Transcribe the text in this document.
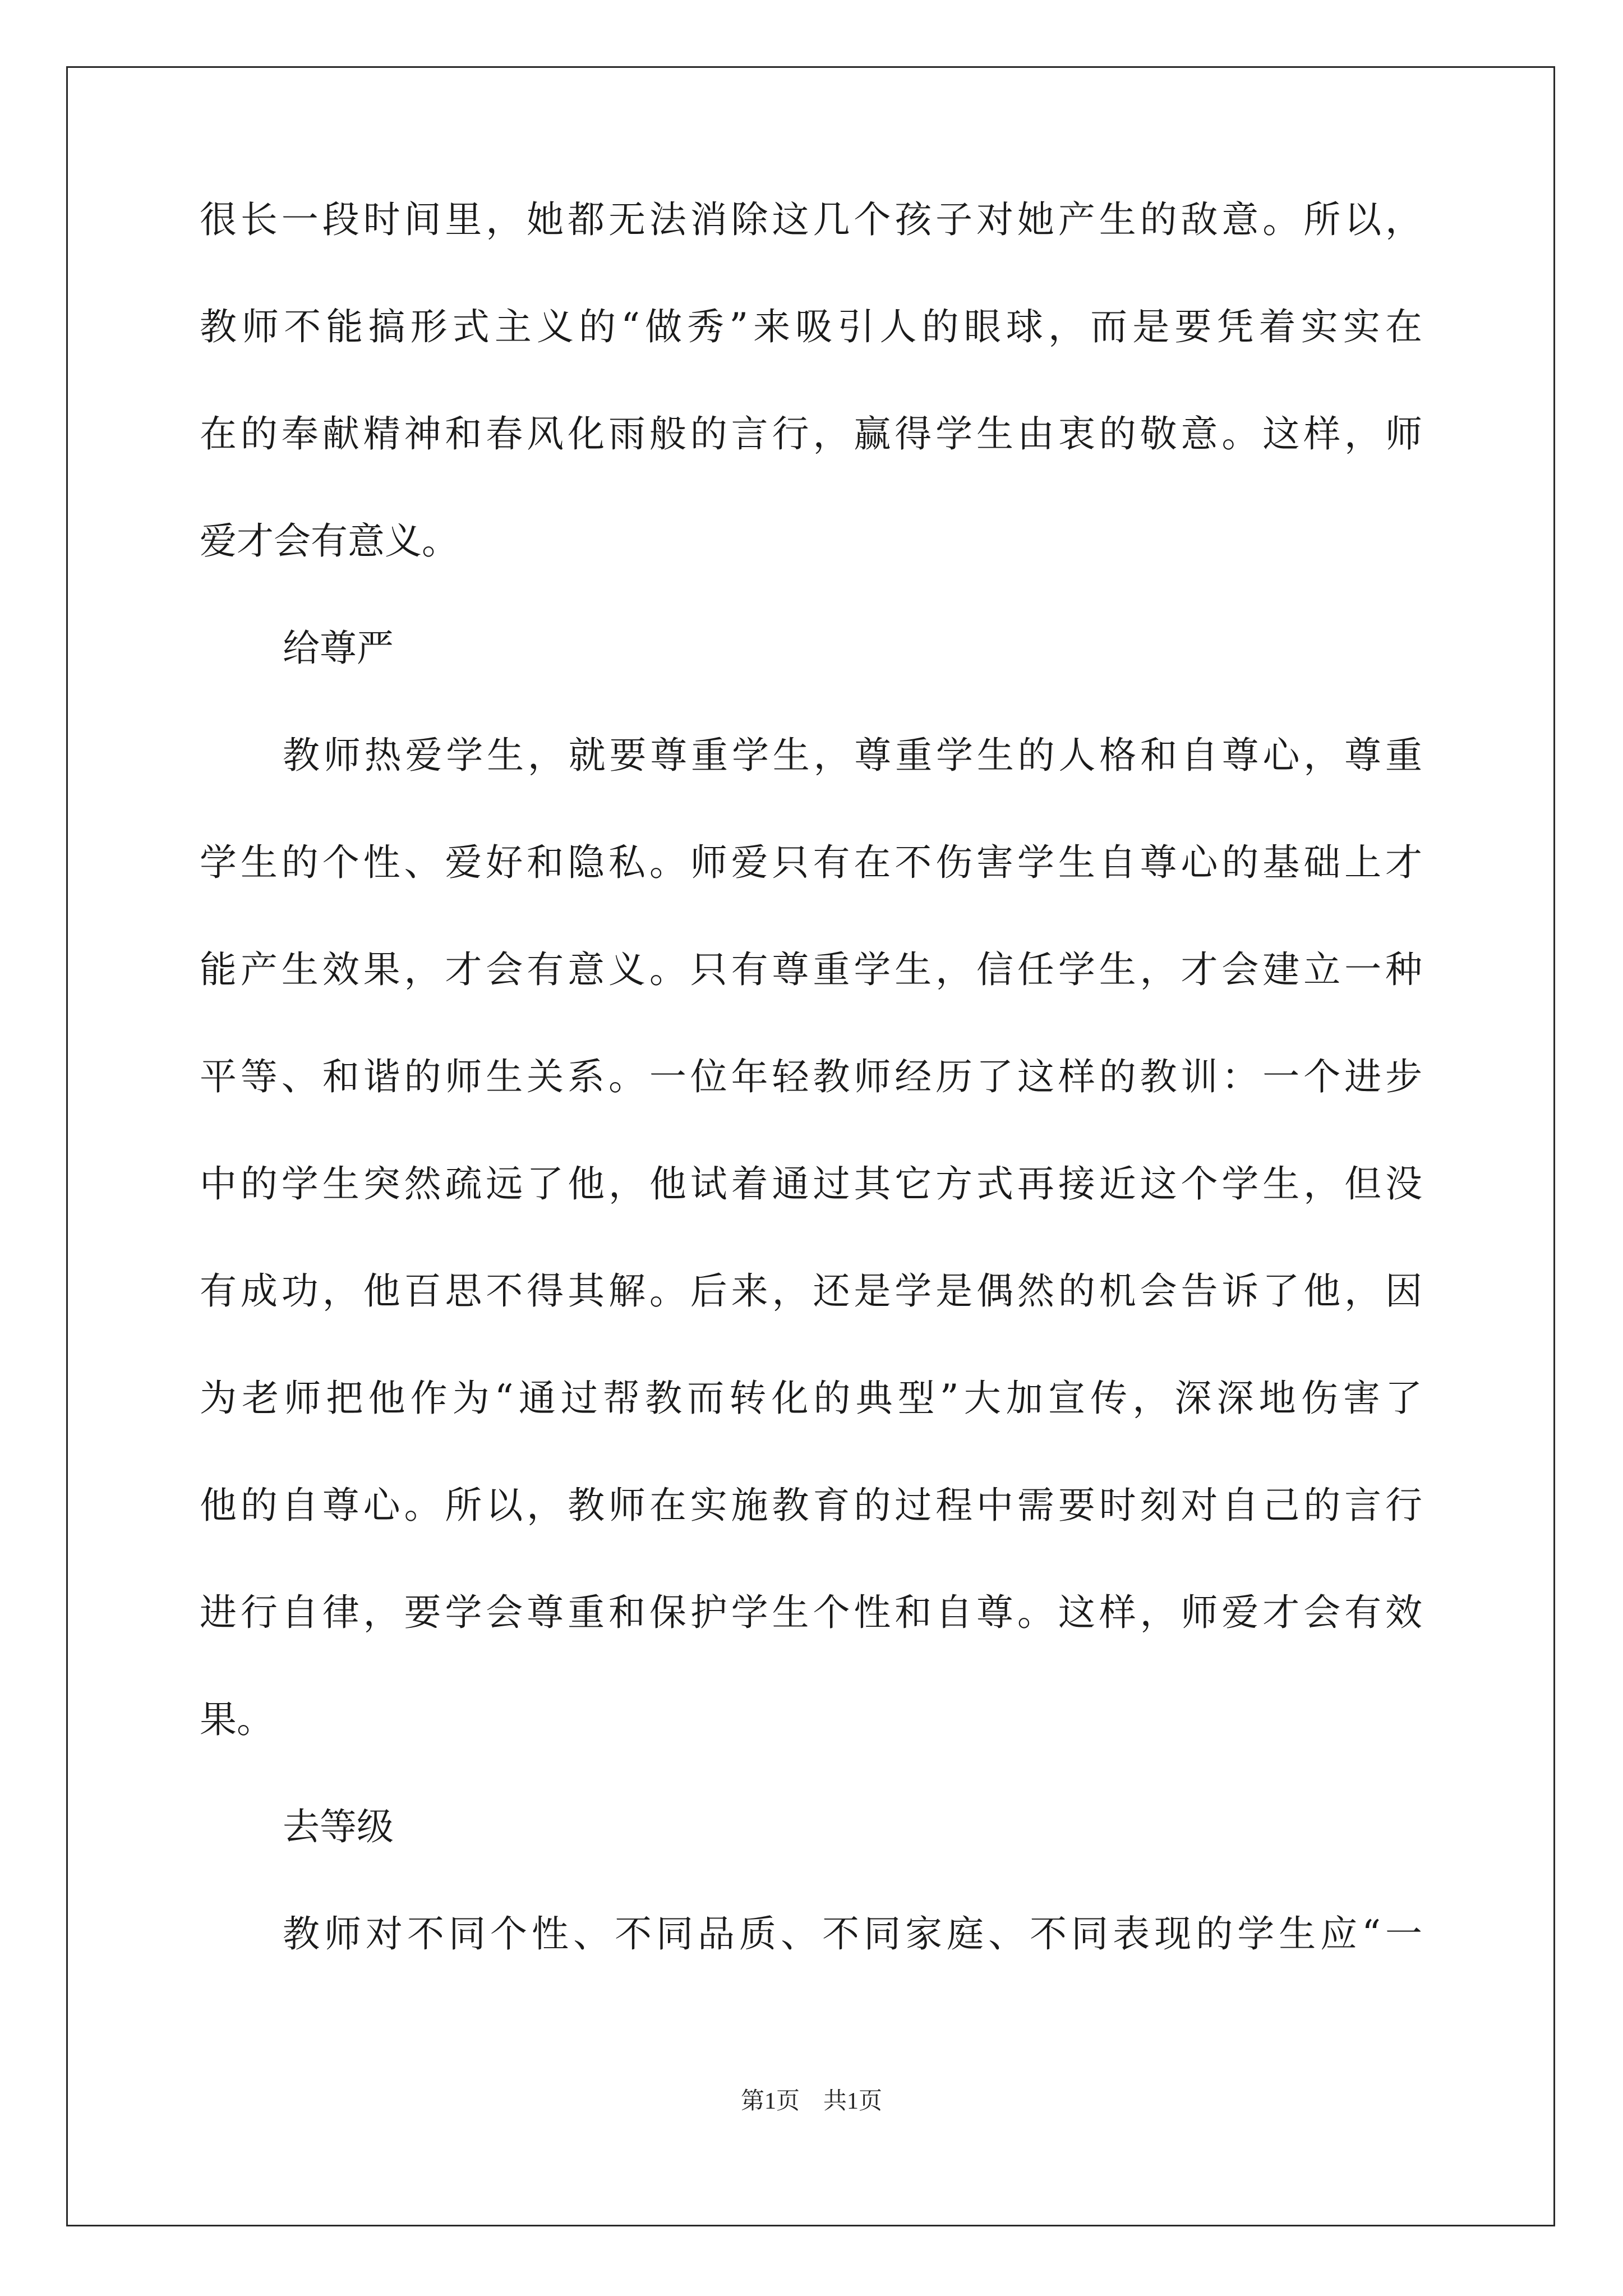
很长一段时间里，她都无法消除这几个孩子对她产生的敌意。所以，
教师不能搞形式主义的“做秀”来吸引人的眼球，而是要凭着实实在
在的奉献精神和春风化雨般的言行，赢得学生由衷的敬意。这样，师
爱才会有意义。
给尊严
教师热爱学生，就要尊重学生，尊重学生的人格和自尊心，尊重
学生的个性、爱好和隐私。师爱只有在不伤害学生自尊心的基础上才
能产生效果，才会有意义。只有尊重学生，信任学生，才会建立一种
平等、和谐的师生关系。一位年轻教师经历了这样的教训：一个进步
中的学生突然疏远了他，他试着通过其它方式再接近这个学生，但没
有成功，他百思不得其解。后来，还是学是偶然的机会告诉了他，因
为老师把他作为“通过帮教而转化的典型”大加宣传，深深地伤害了
他的自尊心。所以，教师在实施教育的过程中需要时刻对自己的言行
进行自律，要学会尊重和保护学生个性和自尊。这样，师爱才会有效
果。
去等级
教师对不同个性、不同品质、不同家庭、不同表现的学生应“一
第1页　共1页
